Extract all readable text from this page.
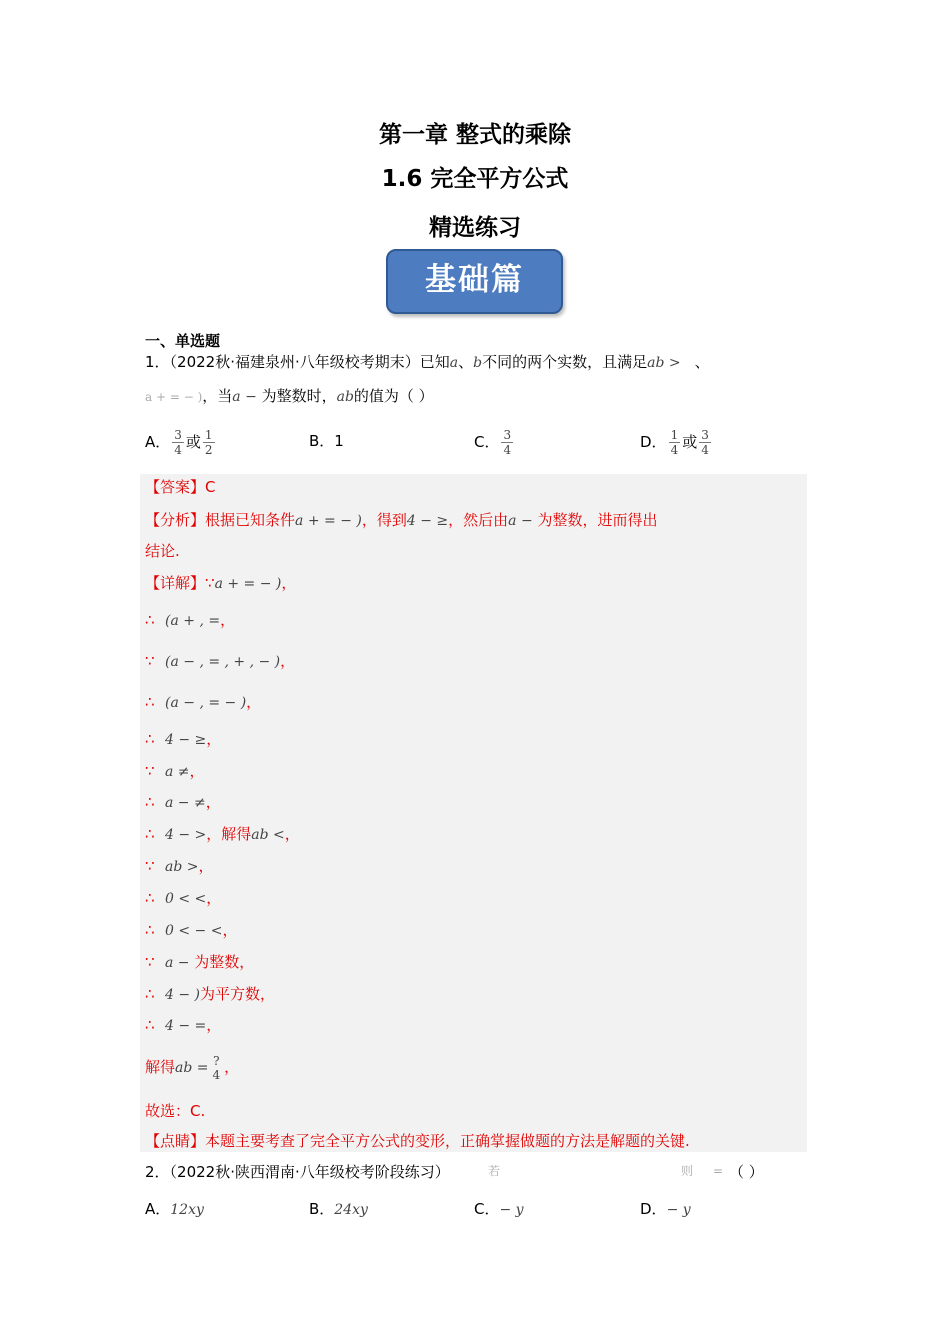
第一章 整式的乘除
1.6 完全平方公式
精选练习
基础篇
一、单选题
1．（2022秋·福建泉州·八年级校考期末）已知a、b不同的两个实数，且满足ab > 、
a + = − )，当a − 为整数时，ab的值为（ ）
A． $\frac{3}{4}$ 或 $\frac{1}{2}$	B．1	C． $\frac{3}{4}$	D． $\frac{1}{4}$ 或 $\frac{3}{4}$
【答案】C
【分析】根据已知条件a + = − )，得到4 − ≥，然后由a − 为整数，进而得出
结论.
【详解】∵a + = − )，
∴ (a + , =，
∵ (a − , = , + , − )，
∴ (a − , = − )，
∴ 4 − ≥，
∵ a ≠，
∴ a − ≠，
∴ 4 − >，解得ab <，
∵ ab >，
∴ 0 < <，
∴ 0 < − <，
∵ a − 为整数，
∴ 4 − )为平方数，
∴ 4 − =，
解得ab = ?
4 ，
故选：C.
【点睛】本题主要考查了完全平方公式的变形，正确掌握做题的方法是解题的关键.
2．（2022秋·陕西渭南·八年级校考阶段练习）	若	则 = （ ）
A．12xy	B．24xy	C．− y	D．− y
